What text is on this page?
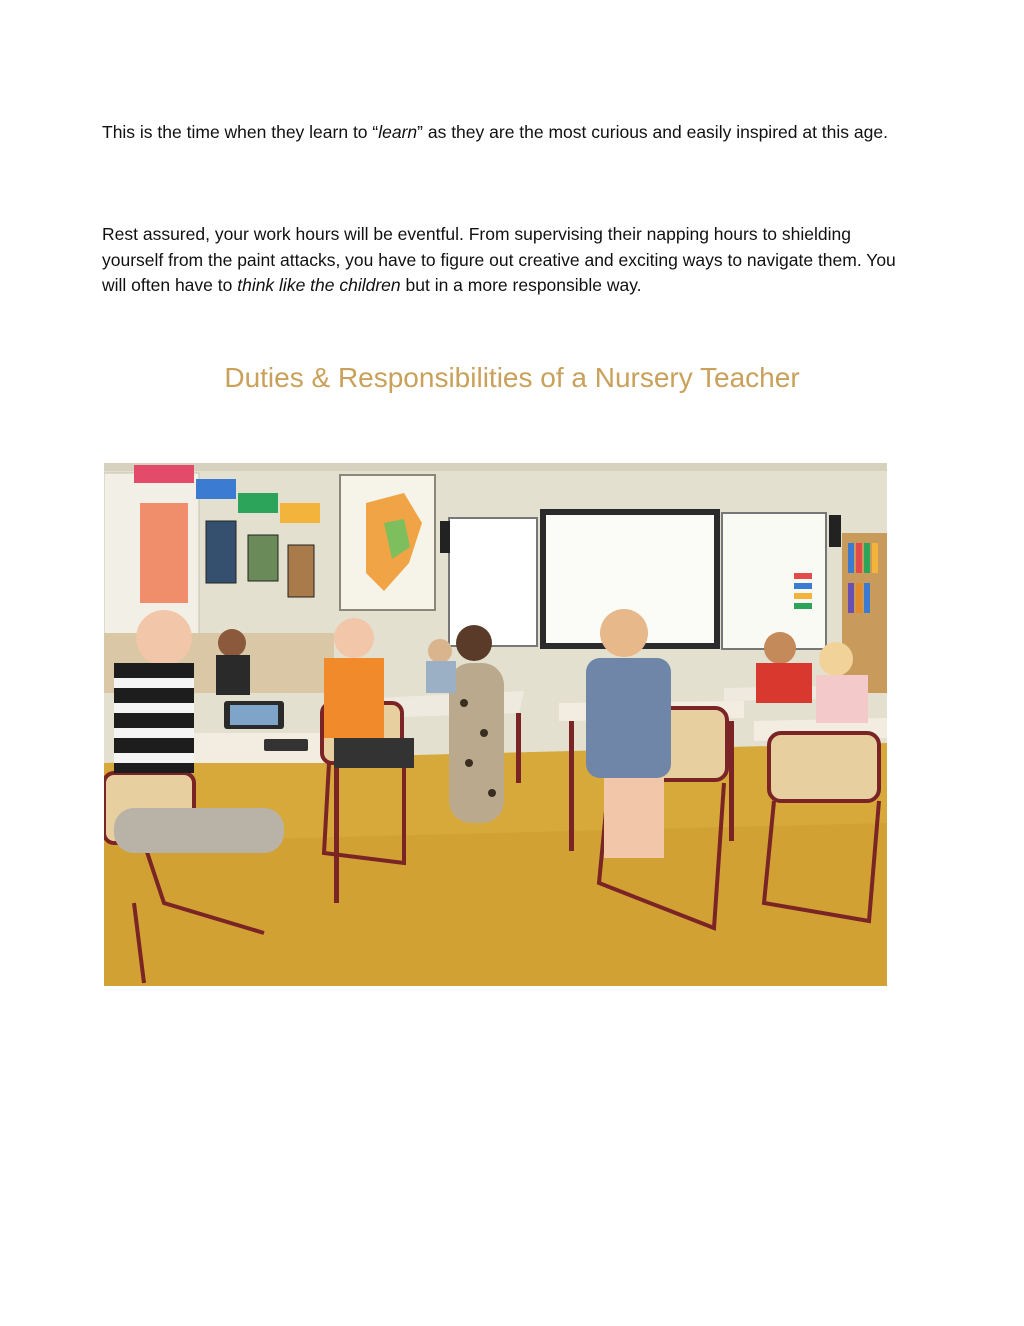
This is the time when they learn to “learn” as they are the most curious and easily inspired at this age.

Rest assured, your work hours will be eventful. From supervising their napping hours to shielding yourself from the paint attacks, you have to figure out creative and exciting ways to navigate them. You will often have to think like the children but in a more responsible way.

Duties & Responsibilities of a Nursery Teacher
